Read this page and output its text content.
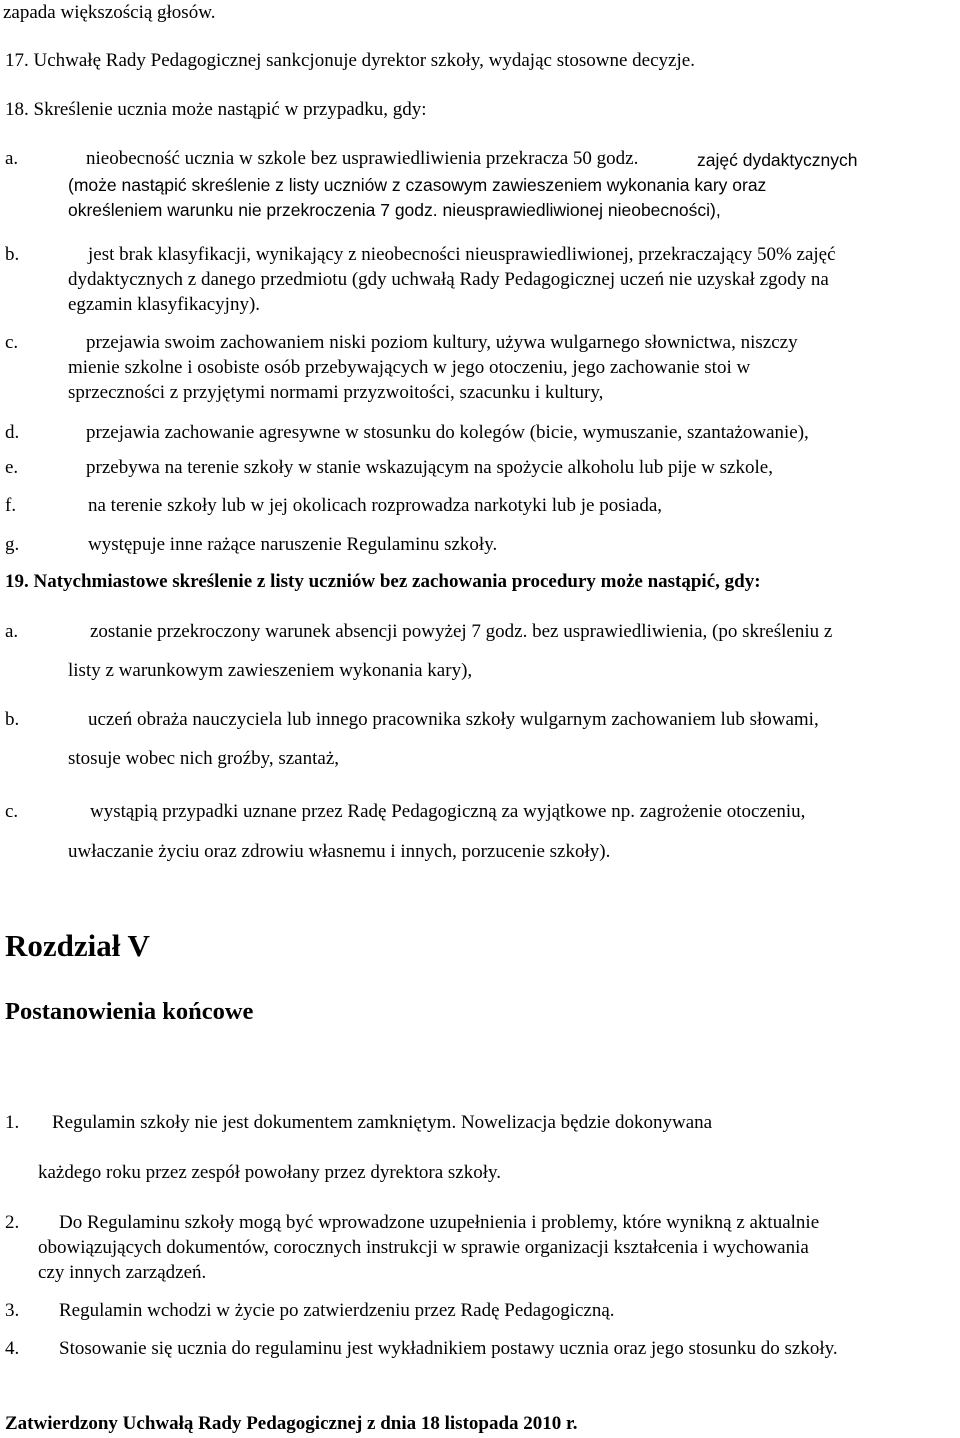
zapada większością głosów.
17. Uchwałę Rady Pedagogicznej sankcjonuje dyrektor szkoły, wydając stosowne decyzje.
18. Skreślenie ucznia może nastąpić w przypadku, gdy:
a.	nieobecność ucznia w szkole bez usprawiedliwienia przekracza 50 godz.	zajęć dydaktycznych
(może nastąpić skreślenie z listy uczniów z czasowym zawieszeniem wykonania kary oraz
określeniem warunku nie przekroczenia 7 godz. nieusprawiedliwionej nieobecności),
b.	jest brak klasyfikacji, wynikający z nieobecności nieusprawiedliwionej, przekraczający 50% zajęć
dydaktycznych z danego przedmiotu (gdy uchwałą Rady Pedagogicznej uczeń nie uzyskał zgody na
egzamin klasyfikacyjny).
c.	przejawia swoim zachowaniem niski poziom kultury, używa wulgarnego słownictwa, niszczy
mienie szkolne i osobiste osób przebywających w jego otoczeniu, jego zachowanie stoi w
sprzeczności z przyjętymi normami przyzwoitości, szacunku i kultury,
d.	przejawia zachowanie agresywne w stosunku do kolegów (bicie, wymuszanie, szantażowanie),
e.	przebywa na terenie szkoły w stanie wskazującym na spożycie alkoholu lub pije w szkole,
f.	na terenie szkoły lub w jej okolicach rozprowadza narkotyki lub je posiada,
g.	występuje inne rażące naruszenie Regulaminu szkoły.
19. Natychmiastowe skreślenie z listy uczniów bez zachowania procedury może nastąpić, gdy:
a.	zostanie przekroczony warunek absencji powyżej 7 godz. bez usprawiedliwienia, (po skreśleniu z
listy z warunkowym zawieszeniem wykonania kary),
b.	uczeń obraża nauczyciela lub innego pracownika szkoły wulgarnym zachowaniem lub słowami,
stosuje wobec nich groźby, szantaż,
c.	wystąpią przypadki uznane przez Radę Pedagogiczną za wyjątkowe np. zagrożenie otoczeniu,
uwłaczanie życiu oraz zdrowiu własnemu i innych, porzucenie szkoły).
Rozdział V
Postanowienia końcowe
1. Regulamin szkoły nie jest dokumentem zamkniętym. Nowelizacja będzie dokonywana
każdego roku przez zespół powołany przez dyrektora szkoły.
2. Do Regulaminu szkoły mogą być wprowadzone uzupełnienia i problemy, które wynikną z aktualnie
obowiązujących dokumentów, corocznych instrukcji w sprawie organizacji kształcenia i wychowania
czy innych zarządzeń.
3. Regulamin wchodzi w życie po zatwierdzeniu przez Radę Pedagogiczną.
4. Stosowanie się ucznia do regulaminu jest wykładnikiem postawy ucznia oraz jego stosunku do szkoły.
Zatwierdzony Uchwałą Rady Pedagogicznej z dnia 18 listopada 2010 r.
